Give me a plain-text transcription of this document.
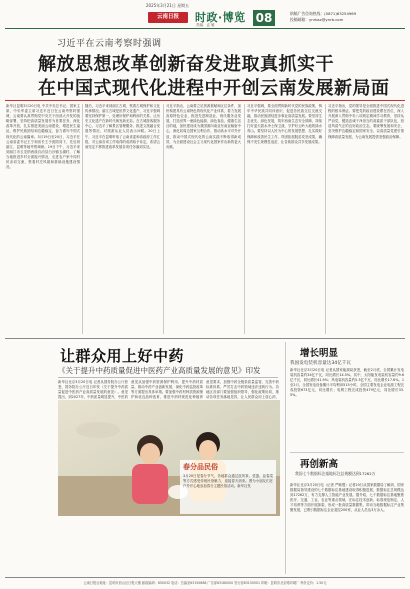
2025年3月21日 星期五
云南日报	时政·博览
责编：孟 敏	08	纳稿广告咨询热线：(0871)63254969
投稿邮箱：ynrbsz@ynrb.com
习近平在云南考察时强调
解放思想改革创新奋发进取真抓实干
在中国式现代化进程中开创云南发展新局面
新华社昆明3月20日电 中共中央总书记、国家主席、中央军委主席习近平近日在云南考察时强调，云南要认真贯彻党中央关于西部大开发的战略部署，坚持把高质量发展作为首要任务，深化改革开放，扎实推进美丽云南建设，增进民生福祉，维护民族团结和边疆稳定，奋力谱写中国式现代化的云南篇章。3月19日至20日，习近平在云南省委书记王宁和省长王予波陪同下，先后到丽江、昆明等地考察调研。19日下午，习近平来到丽江市玉龙纳西族自治县白沙镇玉湖村，了解当地推进乡村全面振兴情况，走进农户家中同村民亲切交流，察看村庄风貌和基础设施建设情况。
随后，习近平来到丽江古城，察看古城保护和文化传承情况。丽江古城是世界文化遗产，习近平强调要坚持保护第一，处理好保护和利用的关系，让历史文化遗产在新时代焕发新光彩。在古城游客服务中心，习近平了解景区管理服务、推进文旅融合发展等情况，对旅游从业人员表示问候。20日上午，习近平在昆明听取了云南省委和省政府工作汇报，对云南各项工作取得的成绩给予肯定，希望云南坚定不移推进改革发展各项任务落到实处。
习近平指出，云南要立足资源禀赋和区位条件，加快构建具有云南特色的现代化产业体系，着力发展高原特色农业，推进先进制造业、现代服务业发展，打造世界一流绿色能源、绿色食品、健康生活目的地，加快建设成为我国面向南亚东南亚辐射中心，深化同周边国家互利合作，推动高水平对外开放，推动中国式现代化的云南实践不断取得新成效，为全面建设社会主义现代化国家作出新的更大贡献。
习近平强调，要全面贯彻新时代党的民族政策，铸牢中华民族共同体意识，促进各民族交往交流交融，推动民族团结进步事业高质量发展。要坚持生态优先、绿色发展，筑牢西南生态安全屏障，持续打好蓝天碧水净土保卫战，守护好云岭大地的绿水青山。要坚持以人民为中心的发展思想，扎实做好保障和改善民生工作，巩固拓展脱贫攻坚成果，确保不发生规模性返贫，让各族群众共享发展成果。
习近平指出，党的领导是全面推进中国式现代化进程的根本保证。要把党的政治建设摆在首位，深入开展深入贯彻中央八项规定精神学习教育，坚持从严治党，锻造忠诚干净担当的高素质干部队伍，营造风清气正的良好政治生态。要统筹发展和安全，坚决维护边疆稳定和国家安全，以高质量党建引领保障高质量发展，为云南发展提供坚强政治保障。
让群众用上好中药
《关于提升中药质量促进中医药产业高质量发展的意见》印发
新华社北京3月20日电 记者从国务院办公厅获悉，国务院办公厅近日印发《关于提升中药质量促进中医药产业高质量发展的意见》。意见提出，到2027年，中药质量明显提升，中医药
意见从加强中药资源保护利用、提升中药材质量、推动中药产业创新发展、深化中药监管改革等方面提出具体举措。要加强中药材种质资源保护和优良品种选育，推进中药材规范化种植养
意见要求，加强中药全链条质量监管，完善中药标准体系，严厉打击中药领域违法违规行为。各地区各部门要加强组织领导，强化政策协同，推动各项任务落地见效，让人民群众用上放心药、
春分品民俗
3月20日是春分节气，各地群众通过放风筝、竖蛋、品春菜等方式感受传统民俗魅力，迎接春天到来。图为小朋友们在户外开心地参加春分主题民俗活动。新华社发
增长明显
我国发电装机容量达34亿千瓦
新华社北京3月20日电 记者从国家能源局获悉，截至2月底，全国累计发电装机容量约34亿千瓦，同比增长14.5%。其中，太阳能发电装机容量约9.6亿千瓦，同比增长41.9%；风电装机容量约5.3亿千瓦，同比增长17.6%。1至2月，全国发电设备累计平均利用515小时。全国主要发电企业电源工程完成投资673亿元，同比增长；电网工程完成投资479亿元，同比增长33.5%。
再创新高
我国七个数据标注基地标注总规模达到17262万
新华社北京3月20日电（记者 严赋憬）记者20日从国家数据局了解到，国家数据局指导建设的七个数据标注基地建设取得积极进展，数据标注总规模达到17262万，有力支撑人工智能产业发展。据介绍，七个数据标注基地聚焦医疗、交通、工业、农业等重点领域，在标注技术创新、标准规范制定、人才培养等方面开展探索，形成一批高质量数据集，带动当地数据标注产业集聚发展，已吸引数据标注企业超过200家，从业人员达3万余人。
云南日报社地址：昆明市西山区日报大楼 邮政编码：650032 电话：总编室63150688 广告部63180000 发行部63150501 印刷：昆明市北京路印刷厂 每份定价：1.50元
